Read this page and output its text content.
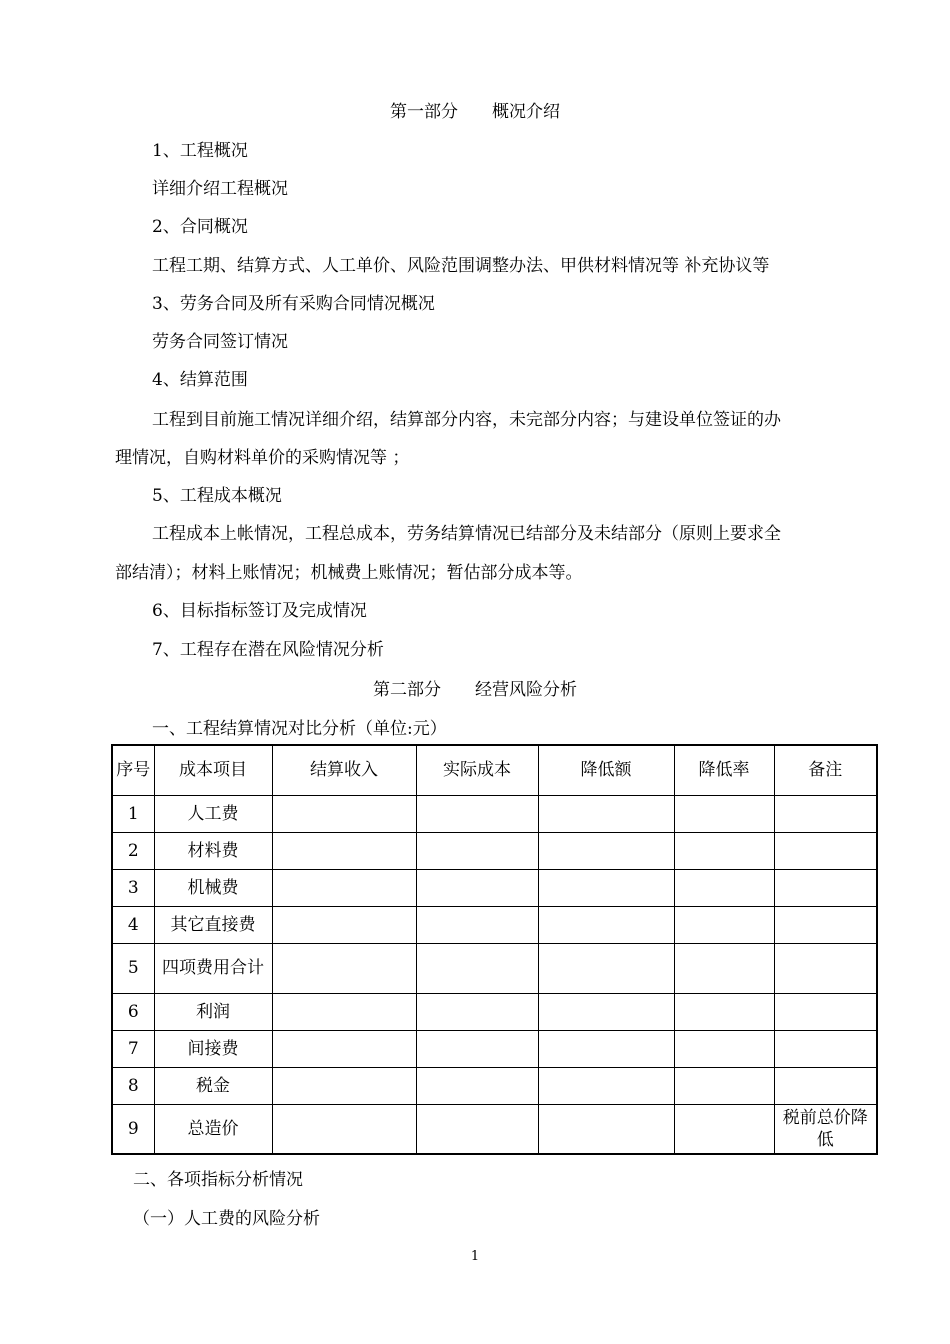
第一部分　　概况介绍
1、工程概况
详细介绍工程概况
2、合同概况
工程工期、结算方式、人工单价、风险范围调整办法、甲供材料情况等 补充协议等
3、劳务合同及所有采购合同情况概况
劳务合同签订情况
4、结算范围
工程到目前施工情况详细介绍，结算部分内容，未完部分内容；与建设单位签证的办
理情况，自购材料单价的采购情况等 ；
5、工程成本概况
工程成本上帐情况，工程总成本，劳务结算情况已结部分及未结部分（原则上要求全
部结清）；材料上账情况；机械费上账情况；暂估部分成本等。
6、目标指标签订及完成情况
7、工程存在潜在风险情况分析
第二部分　　经营风险分析
一、工程结算情况对比分析（单位:元）
序号	成本项目	结算收入	实际成本	降低额	降低率	备注
1	人工费					
2	材料费					
3	机械费					
4	其它直接费					
5	四项费用合计					
6	利润					
7	间接费					
8	税金					
9	总造价					税前总价降低
二、各项指标分析情况
（一）人工费的风险分析
1
